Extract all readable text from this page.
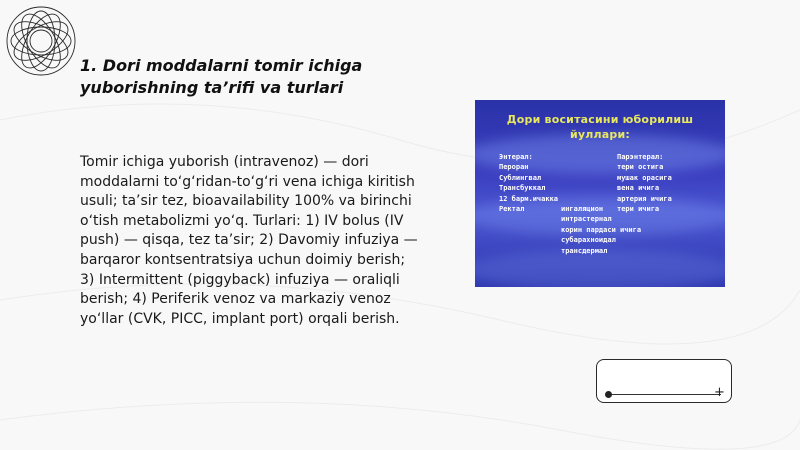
1. Dori moddalarni tomir ichiga
yuborishning ta’rifi va turlari

Tomir ichiga yuborish (intravenoz) — dori moddalarni to‘g‘ridan-to‘g‘ri vena ichiga kiritish usuli; ta’sir tez, bioavailability 100% va birinchi o‘tish metabolizmi yo‘q. Turlari: 1) IV bolus (IV push) — qisqa, tez ta’sir; 2) Davomiy infuziya — barqaror kontsentratsiya uchun doimiy berish; 3) Intermittent (piggyback) infuziya — oraliqli berish; 4) Periferik venoz va markaziy venoz yo‘llar (CVK, PICC, implant port) orqali berish.

Дори воситасини юборилиш
йуллари:
Энтерал:
Пероран
Сублингвал
Трансбуккал
12 барм.ичакка
Ректал
Парэнтерал:
тери остига
мушак орасига
вена ичига
артерия ичига
тери ичига
ингаляцион
интрастернал
корин пардаси ичига
субарахноидал
трансдермал
+
